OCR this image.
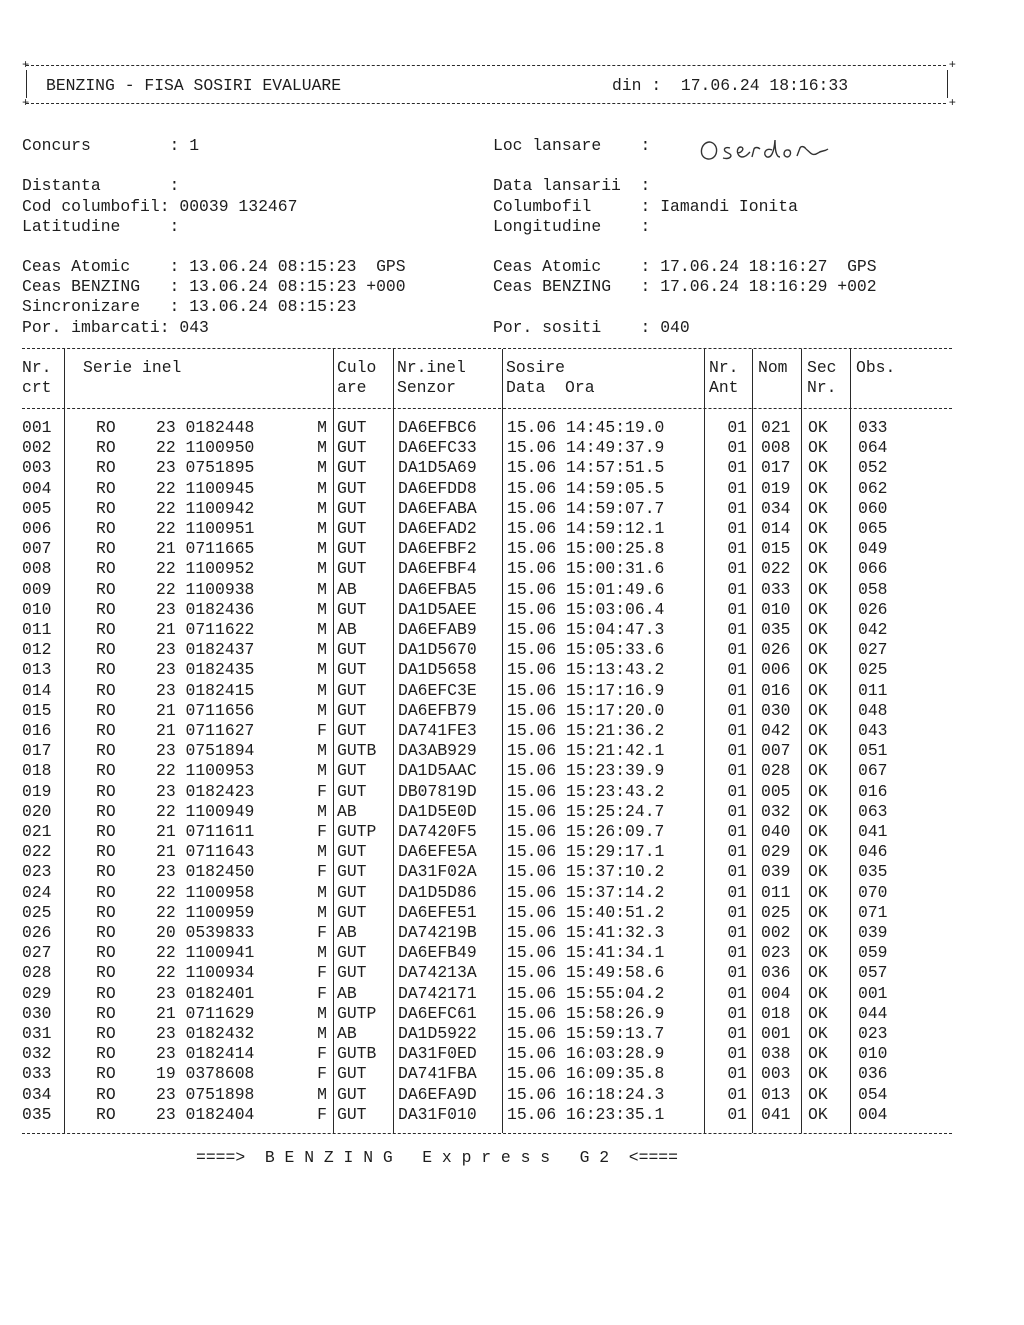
+	+
+	+
BENZING - FISA SOSIRI EVALUARE	din :  17.06.24 18:16:33
Concurs        : 1	Loc lansare    :
Distanta       :	Data lansarii  :
Cod columbofil: 00039 132467	Columbofil     : Iamandi Ionita
Latitudine     :	Longitudine    :
Ceas Atomic    : 13.06.24 08:15:23  GPS	Ceas Atomic    : 17.06.24 18:16:27  GPS
Ceas BENZING   : 13.06.24 08:15:23 +000	Ceas BENZING   : 17.06.24 18:16:29 +002
Sincronizare   : 13.06.24 08:15:23
Por. imbarcati: 043	Por. sositi    : 040
Nr. Serie inel	Culo Nr.inel Sosire	Nr. Nom Sec Obs.
crt	are Senzor	Data  Ora	Ant	Nr.
001	RO 23 0182448	M GUT DA6EFBC6 15.06 14:45:19.0	01 021 OK 033
002	RO 22 1100950	M GUT DA6EFC33 15.06 14:49:37.9	01 008 OK 064
003	RO 23 0751895	M GUT DA1D5A69 15.06 14:57:51.5	01 017 OK 052
004	RO 22 1100945	M GUT DA6EFDD8 15.06 14:59:05.5	01 019 OK 062
005	RO 22 1100942	M GUT DA6EFABA 15.06 14:59:07.7	01 034 OK 060
006	RO 22 1100951	M GUT DA6EFAD2 15.06 14:59:12.1	01 014 OK 065
007	RO 21 0711665	M GUT DA6EFBF2 15.06 15:00:25.8	01 015 OK 049
008	RO 22 1100952	M GUT DA6EFBF4 15.06 15:00:31.6	01 022 OK 066
009	RO 22 1100938	M AB	DA6EFBA5 15.06 15:01:49.6	01 033 OK 058
010	RO 23 0182436	M GUT DA1D5AEE 15.06 15:03:06.4	01 010 OK 026
011	RO 21 0711622	M AB	DA6EFAB9 15.06 15:04:47.3	01 035 OK 042
012	RO 23 0182437	M GUT DA1D5670 15.06 15:05:33.6	01 026 OK 027
013	RO 23 0182435	M GUT DA1D5658 15.06 15:13:43.2	01 006 OK 025
014	RO 23 0182415	M GUT DA6EFC3E 15.06 15:17:16.9	01 016 OK 011
015	RO 21 0711656	M GUT DA6EFB79 15.06 15:17:20.0	01 030 OK 048
016	RO 21 0711627	F GUT DA741FE3 15.06 15:21:36.2	01 042 OK 043
017	RO 23 0751894	M GUTB DA3AB929 15.06 15:21:42.1	01 007 OK 051
018	RO 22 1100953	M GUT DA1D5AAC 15.06 15:23:39.9	01 028 OK 067
019	RO 23 0182423	F GUT DB07819D 15.06 15:23:43.2	01 005 OK 016
020	RO 22 1100949	M AB	DA1D5E0D 15.06 15:25:24.7	01 032 OK 063
021	RO 21 0711611	F GUTP DA7420F5 15.06 15:26:09.7	01 040 OK 041
022	RO 21 0711643	M GUT DA6EFE5A 15.06 15:29:17.1	01 029 OK 046
023	RO 23 0182450	F GUT DA31F02A 15.06 15:37:10.2	01 039 OK 035
024	RO 22 1100958	M GUT DA1D5D86 15.06 15:37:14.2	01 011 OK 070
025	RO 22 1100959	M GUT DA6EFE51 15.06 15:40:51.2	01 025 OK 071
026	RO 20 0539833	F AB	DA74219B 15.06 15:41:32.3	01 002 OK 039
027	RO 22 1100941	M GUT DA6EFB49 15.06 15:41:34.1	01 023 OK 059
028	RO 22 1100934	F GUT DA74213A 15.06 15:49:58.6	01 036 OK 057
029	RO 23 0182401	F AB	DA742171 15.06 15:55:04.2	01 004 OK 001
030	RO 21 0711629	M GUTP DA6EFC61 15.06 15:58:26.9	01 018 OK 044
031	RO 23 0182432	M AB	DA1D5922 15.06 15:59:13.7	01 001 OK 023
032	RO 23 0182414	F GUTB DA31F0ED 15.06 16:03:28.9	01 038 OK 010
033	RO 19 0378608	F GUT DA741FBA 15.06 16:09:35.8	01 003 OK 036
034	RO 23 0751898	M GUT DA6EFA9D 15.06 16:18:24.3	01 013 OK 054
035	RO 23 0182404	F GUT DA31F010 15.06 16:23:35.1	01 041 OK 004
====>  B E N Z I N G   E x p r e s s   G 2  <====
